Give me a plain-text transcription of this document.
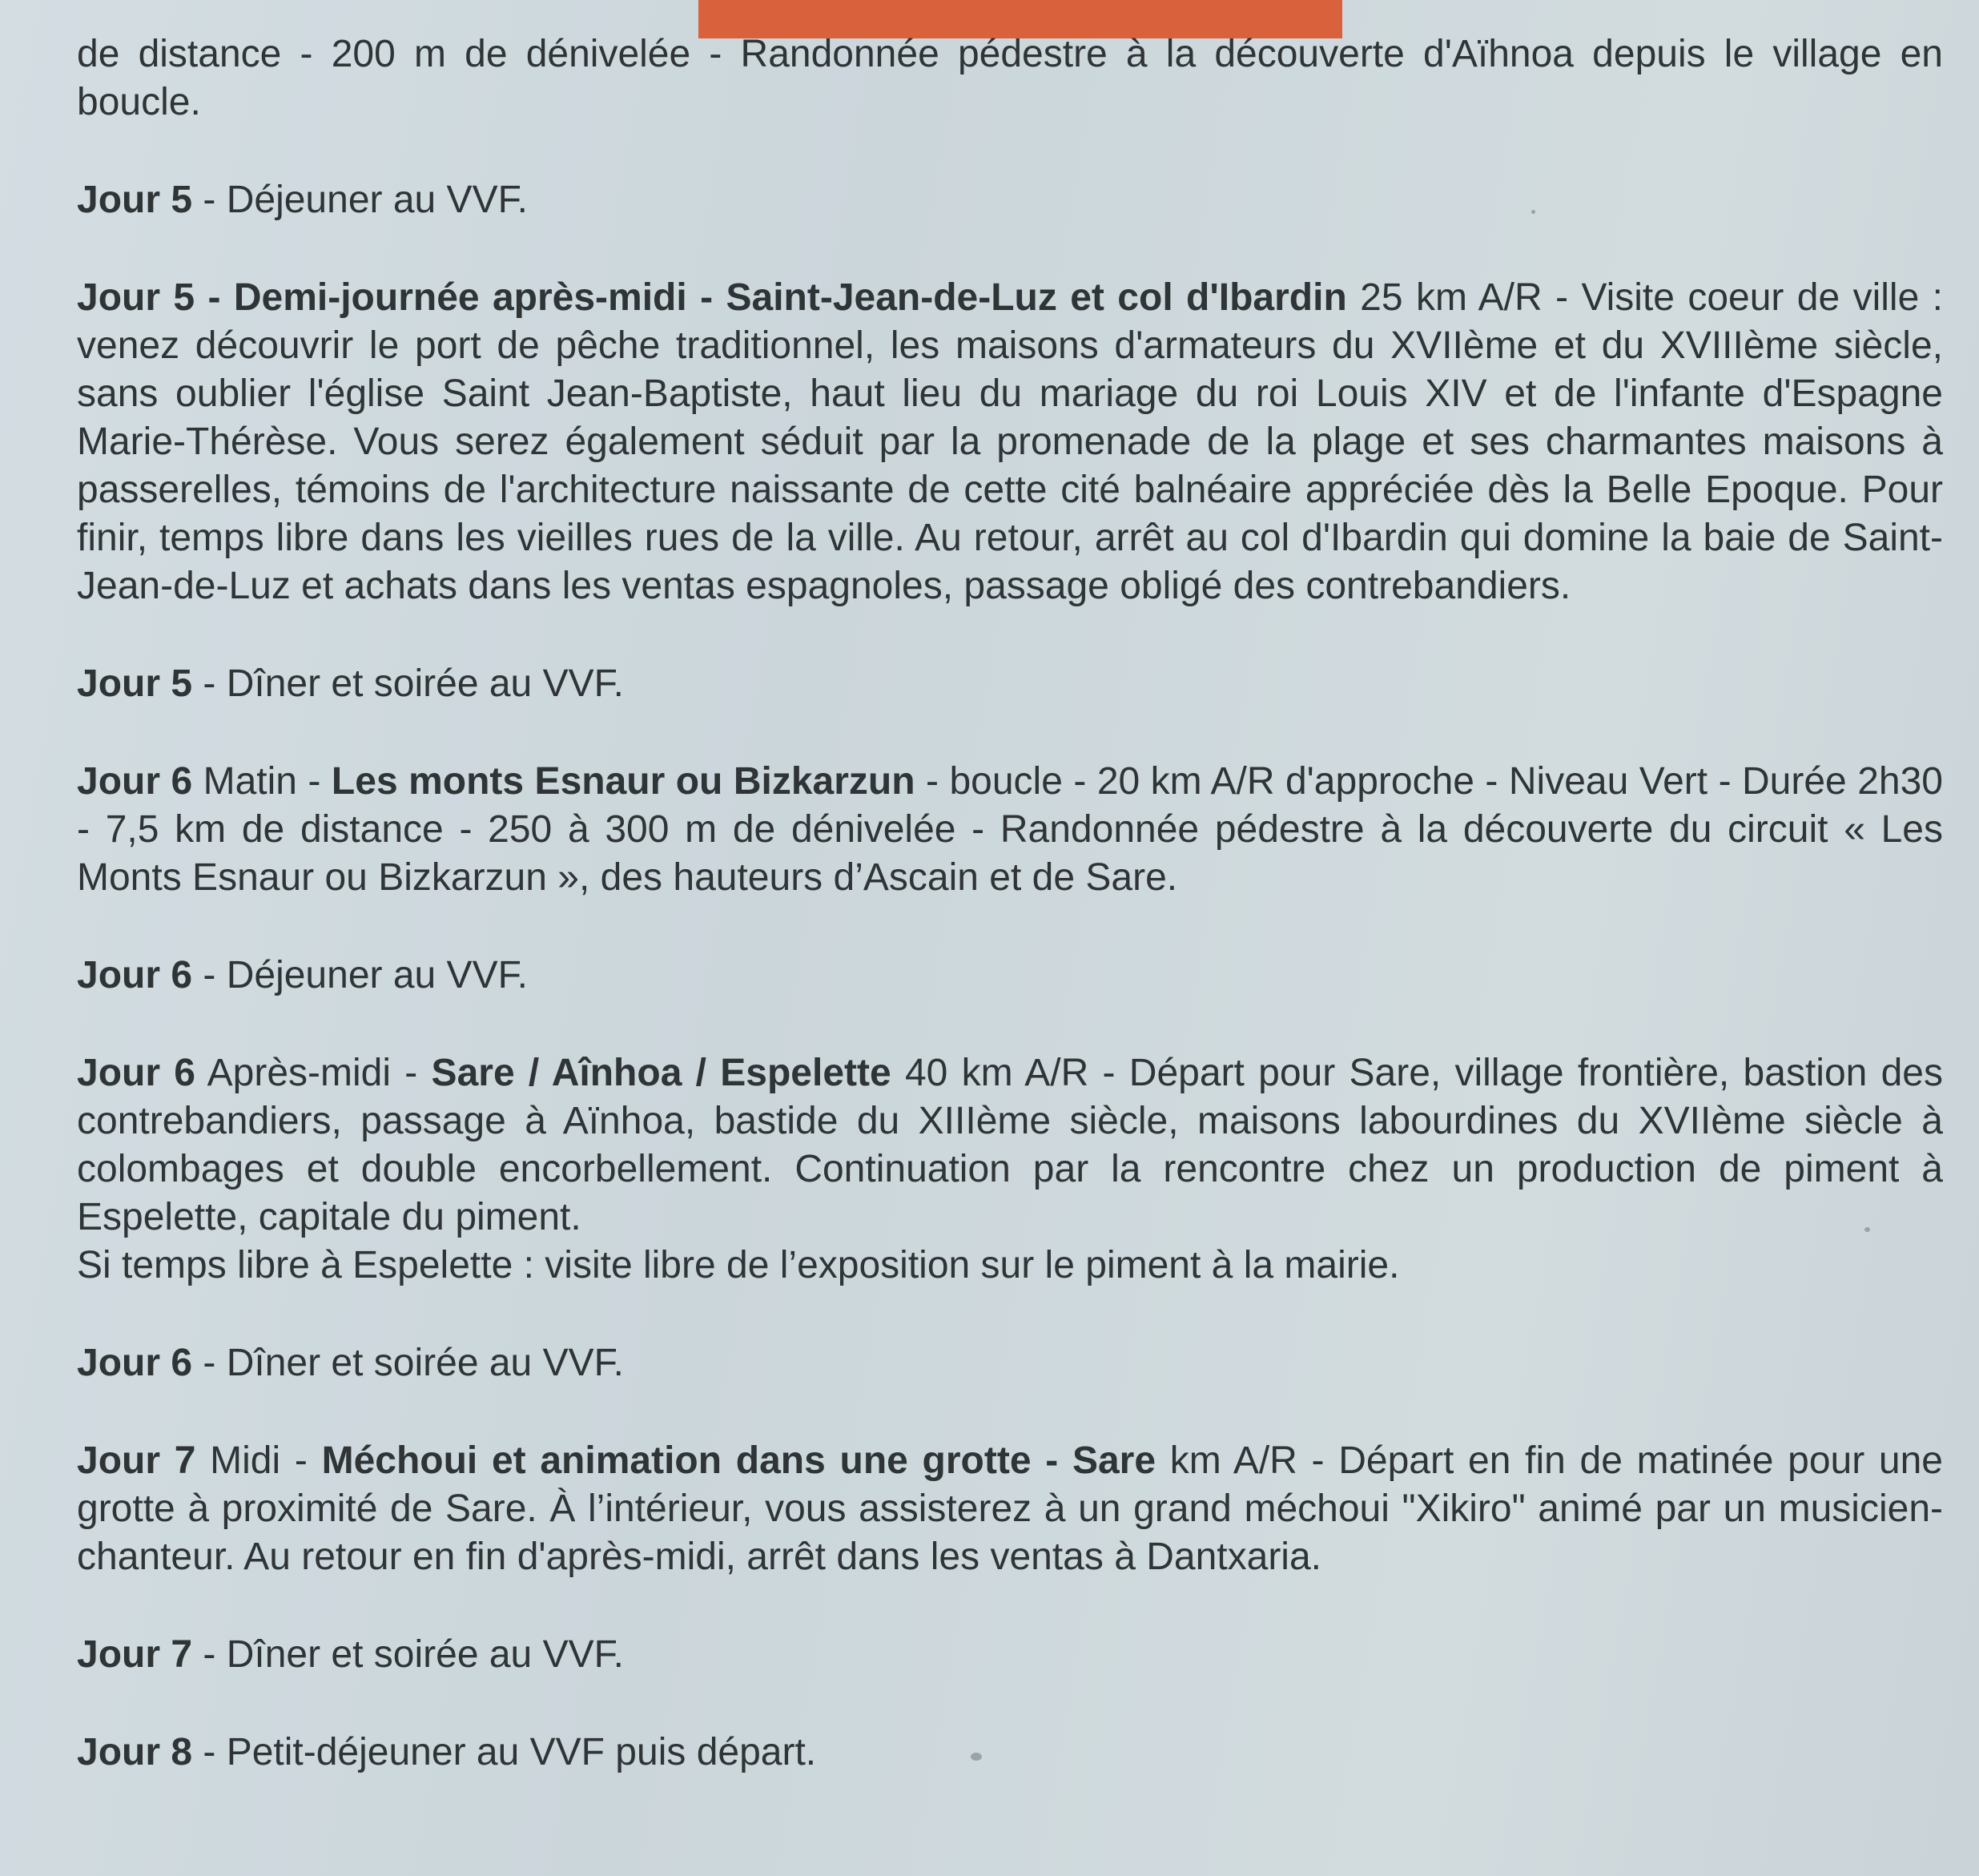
de distance - 200 m de dénivelée - Randonnée pédestre à la découverte d'Aïhnoa depuis le village en boucle.

Jour 5 - Déjeuner au VVF.

Jour 5 - Demi-journée après-midi - Saint-Jean-de-Luz et col d'Ibardin 25 km A/R - Visite coeur de ville : venez découvrir le port de pêche traditionnel, les maisons d'armateurs du XVIIème et du XVIIIème siècle, sans oublier l'église Saint Jean-Baptiste, haut lieu du mariage du roi Louis XIV et de l'infante d'Espagne Marie-Thérèse. Vous serez également séduit par la promenade de la plage et ses charmantes maisons à passerelles, témoins de l'architecture naissante de cette cité balnéaire appréciée dès la Belle Epoque. Pour finir, temps libre dans les vieilles rues de la ville. Au retour, arrêt au col d'Ibardin qui domine la baie de Saint-Jean-de-Luz et achats dans les ventas espagnoles, passage obligé des contrebandiers.

Jour 5 - Dîner et soirée au VVF.

Jour 6 Matin - Les monts Esnaur ou Bizkarzun - boucle - 20 km A/R d'approche - Niveau Vert - Durée 2h30 - 7,5 km de distance - 250 à 300 m de dénivelée - Randonnée pédestre à la découverte du circuit « Les Monts Esnaur ou Bizkarzun », des hauteurs d’Ascain et de Sare.

Jour 6 - Déjeuner au VVF.

Jour 6 Après-midi - Sare / Aînhoa / Espelette 40 km A/R - Départ pour Sare, village frontière, bastion des contrebandiers, passage à Aïnhoa, bastide du XIIIème siècle, maisons labourdines du XVIIème siècle à colombages et double encorbellement. Continuation par la rencontre chez un production de piment à Espelette, capitale du piment.
Si temps libre à Espelette : visite libre de l’exposition sur le piment à la mairie.

Jour 6 - Dîner et soirée au VVF.

Jour 7 Midi - Méchoui et animation dans une grotte - Sare km A/R - Départ en fin de matinée pour une grotte à proximité de Sare. À l’intérieur, vous assisterez à un grand méchoui "Xikiro" animé par un musicien-chanteur. Au retour en fin d'après-midi, arrêt dans les ventas à Dantxaria.

Jour 7 - Dîner et soirée au VVF.

Jour 8 - Petit-déjeuner au VVF puis départ.
